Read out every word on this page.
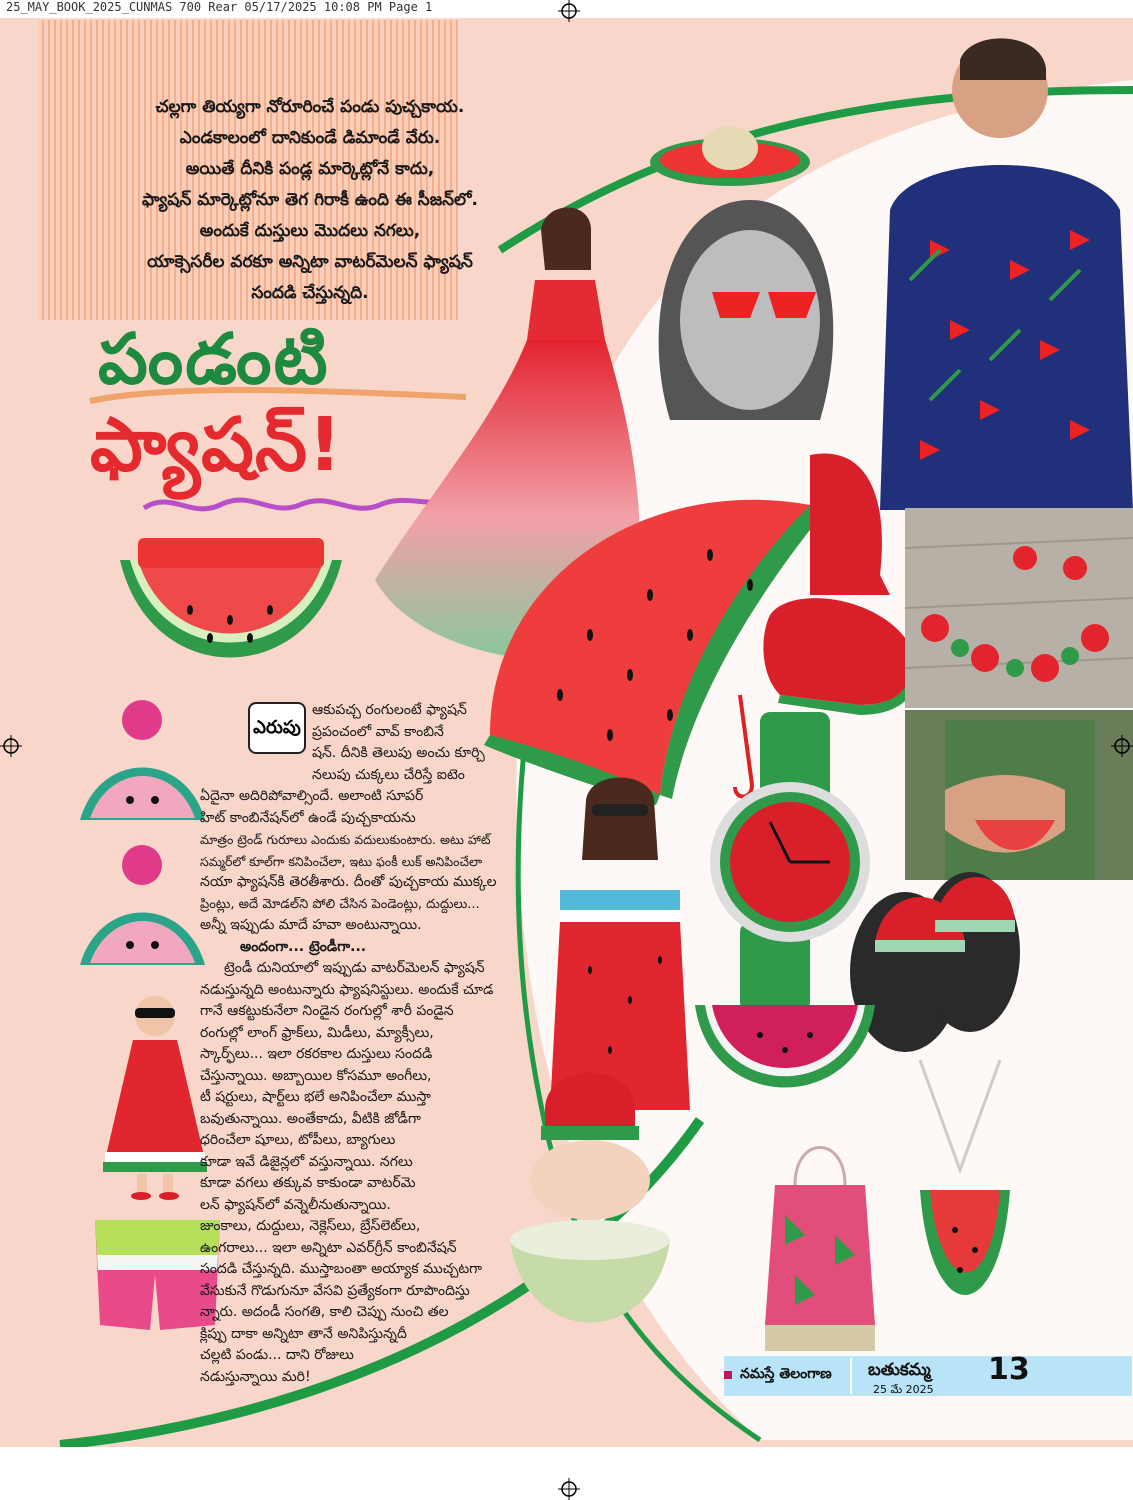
25_MAY_BOOK_2025_CUNMAS 700 Rear 05/17/2025 10:08 PM Page 1
చల్లగా తియ్యగా నోరూరించే పండు పుచ్చకాయ.
ఎండకాలంలో దానికుండే డిమాండే వేరు.
అయితే దీనికి పండ్ల మార్కెట్లోనే కాదు,
ఫ్యాషన్ మార్కెట్లోనూ తెగ గిరాకీ ఉంది ఈ సీజన్‌లో.
అందుకే దుస్తులు మొదలు నగలు,
యాక్సెసరీల వరకూ అన్నిటా వాటర్‌మెలన్ ఫ్యాషన్
సందడి చేస్తున్నది.
పండంటి
ఫ్యాషన్!
ఎరుపు

ఆకుపచ్చ రంగులంటే ఫ్యాషన్

ప్రపంచంలో వావ్ కాంబినే

షన్. దీనికి తెలుపు అంచు కూర్చి

నలుపు చుక్కలు చేరిస్తే ఐటెం

ఏదైనా అదిరిపోవాల్సిందే. అలాంటి సూపర్

హిట్ కాంబినేషన్‌లో ఉండే పుచ్చకాయను

మాత్రం ట్రెండ్ గురూలు ఎందుకు వదులుకుంటారు. అటు హాట్

సమ్మర్‌లో కూల్‌గా కనిపించేలా, ఇటు ఫంకీ లుక్ అనిపించేలా

నయా ఫ్యాషన్‌కి తెరతీశారు. దీంతో పుచ్చకాయ ముక్కల

ప్రింట్లు, అదే మోడల్‌ని పోలి చేసిన పెండెంట్లు, దుద్దులు...

అన్నీ ఇప్పుడు మాదే హవా అంటున్నాయి.

అందంగా... ట్రెండీగా...

ట్రెండీ దునియాలో ఇప్పుడు వాటర్‌మెలన్ ఫ్యాషన్

నడుస్తున్నది అంటున్నారు ఫ్యాషనిస్టులు. అందుకే చూడ

గానే ఆకట్టుకునేలా నిండైన రంగుల్లో శారీ పండైన

రంగుల్లో లాంగ్ ఫ్రాక్‌లు, మిడీలు, మ్యాక్సీలు,

స్కార్ఫ్‌లు... ఇలా రకరకాల దుస్తులు సందడి

చేస్తున్నాయి. అబ్బాయిల కోసమూ అంగీలు,

టీ షర్టులు, షార్ట్‌లు భలే అనిపించేలా ముస్తా

బవుతున్నాయి. అంతేకాదు, వీటికి జోడీగా

ధరించేలా షూలు, టోపీలు, బ్యాగులు

కూడా ఇవే డిజైన్లలో వస్తున్నాయి. నగలు

కూడా వగలు తక్కువ కాకుండా వాటర్‌మె

లన్ ఫ్యాషన్‌లో వన్నెలీనుతున్నాయి.

జుంకాలు, దుద్దులు, నెక్లెస్‌లు, బ్రేస్‌లెట్‌లు,

ఉంగరాలు... ఇలా అన్నిటా ఎవర్‌గ్రీన్ కాంబినేషన్

సందడి చేస్తున్నది. ముస్తాబంతా అయ్యాక ముచ్చటగా

వేసుకునే గొడుగునూ వేసవి ప్రత్యేకంగా రూపొందిస్తు

న్నారు. అదండీ సంగతి, కాలి చెప్పు నుంచి తల

క్లిప్పు దాకా అన్నిటా తానే అనిపిస్తున్నదీ

చల్లటి పండు... దాని రోజులు

నడుస్తున్నాయి మరి!	నమస్తే తెలంగాణ బతుకమ్మ
25 మే 2025
13
